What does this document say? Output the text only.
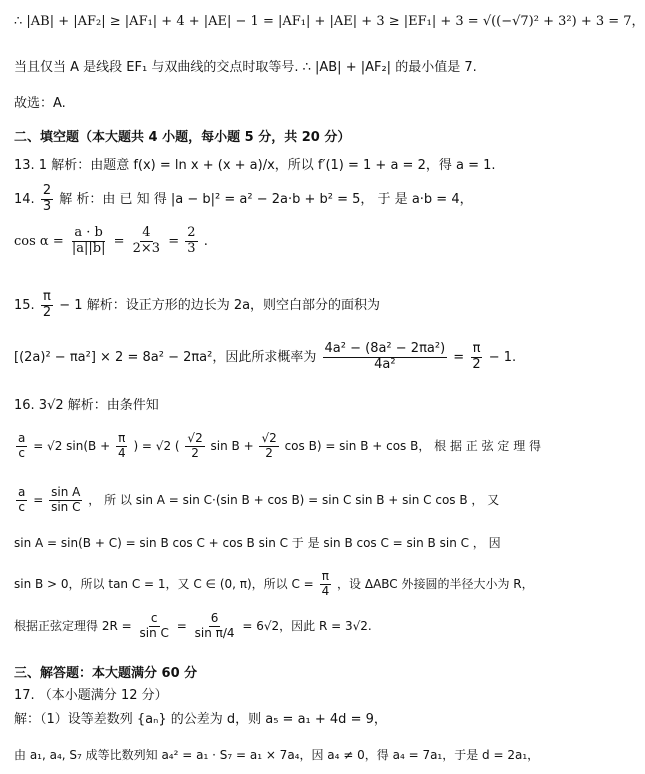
∴ |AB| + |AF₂| ≥ |AF₁| + 4 + |AE| − 1 = |AF₁| + |AE| + 3 ≥ |EF₁| + 3 = √((−√7)² + 3²) + 3 = 7，
当且仅当 A 是线段 EF₁ 与双曲线的交点时取等号. ∴ |AB| + |AF₂| 的最小值是 7.
故选：A.
二、填空题（本大题共 4 小题，每小题 5 分，共 20 分）
13. 1 解析：由题意 f(x) = ln x + (x + a)/x，所以 f′(1) = 1 + a = 2，得 a = 1.
14. $\frac{2}{3}$ 解 析：由 已 知 得 |a − b|² = a² − 2a·b + b² = 5， 于 是 a·b = 4，
$\cos \alpha = \frac{a \cdot b}{|a||b|} = \frac{4}{2\times 3} = \frac{2}{3}$ .
15. $\frac{\pi}{2} - 1$ 解析：设正方形的边长为 2a，则空白部分的面积为
[(2a)² − πa²] × 2 = 8a² − 2πa²，因此所求概率为 $\frac{\text{4a² − (8a² − 2πa²)}}{\text{4a²}} = \frac{\pi}{2} - 1$.
16. 3√2 解析：由条件知
$\frac{a}{c} = √2$ $\sin(B + \frac{\pi}{4}$ ) = √2 ( $\frac{√2}{2}$ $\sin B + \frac{√2}{2}$ cos B) = sin B + cos B， 根 据 正 弦 定 理 得
$\frac{a}{c} = \frac{\text{sin A}}{\text{sin C}}$ ， 所 以 sin A = sin C·(sin B + cos B) = sin C sin B + sin C cos B ， 又
sin A = sin(B + C) = sin B cos C + cos B sin C 于 是 sin B cos C = sin B sin C ， 因
sin B > 0，所以 tan C = 1，又 C ∈ (0, π)，所以 $C = \frac{\pi}{4}$ ，设 ΔABC 外接圆的半径大小为 R，
根据正弦定理得 $2R = \frac{c}{\text{sin C}} = \frac{6}{\text{sin π/4}} = 6√2$，因此 R = 3√2.
三、解答题：本大题满分 60 分
17. （本小题满分 12 分）
解：（1）设等差数列 {aₙ} 的公差为 d，则 a₅ = a₁ + 4d = 9，
由 a₁, a₄, S₇ 成等比数列知 a₄² = a₁ · S₇ = a₁ × 7a₄，因 a₄ ≠ 0，得 a₄ = 7a₁，于是 d = 2a₁，
